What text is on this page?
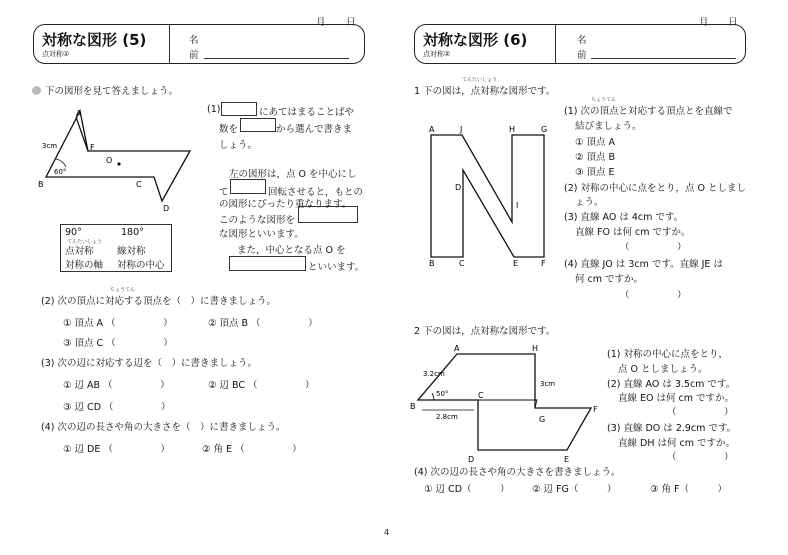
月 日
対称な図形 (5)
点対称①
名
前
下の図形を見て答えましょう。
A
B	C
D
F
O
3cm
60°
(1)	にあてはまることばや
数を	から選んで書きま
しょう。
左の図形は，点 O を中心にし
て	回転させると，もとの
の図形にぴったり重なります。
このような図形を
な図形といいます。
また，中心となる点 O を
といいます。
90°	180°
てんたいしょう
点対称 線対称
対称の軸 対称の中心
ちょうてん
(2) 次の頂点に対応する頂点を（　）に書きましょう。
① 頂点 A （　　　　　）	② 頂点 B （　　　　　）
③ 頂点 C （　　　　　）
(3) 次の辺に対応する辺を（　）に書きましょう。
① 辺 AB （　　　　　）	② 辺 BC （　　　　　）
③ 辺 CD （　　　　　）
(4) 次の辺の長さや角の大きさを（　）に書きましょう。
① 辺 DE （　　　　　）	② 角 E （　　　　　）
月 日
対称な図形 (6)
点対称②
名
前
てんたいしょう
1 下の図は，点対称な図形です。
A	J	H	G
D
I
B	C	E	F
ちょうてん
(1) 次の頂点と対応する頂点とを直線で
結びましょう。
① 頂点 A
② 頂点 B
③ 頂点 E
(2) 対称の中心に点をとり，点 O としまし
ょう。
(3) 直線 AO は 4cm です。
直線 FO は何 cm ですか。
（　　　　　）
(4) 直線 JO は 3cm です。直線 JE は
何 cm ですか。
（　　　　　）
2 下の図は，点対称な図形です。
A	H
B
C
D	E
F
G
3.2cm
2.8cm
3cm
50°
(1) 対称の中心に点をとり，
点 O としましょう。
(2) 直線 AO は 3.5cm です。
直線 EO は何 cm ですか。
（　　　　　）
(3) 直線 DO は 2.9cm です。
直線 DH は何 cm ですか。
（　　　　　）
(4) 次の辺の長さや角の大きさを書きましょう。
① 辺 CD（　　　） ② 辺 FG（　　　）	③ 角 F（　　　）
4
